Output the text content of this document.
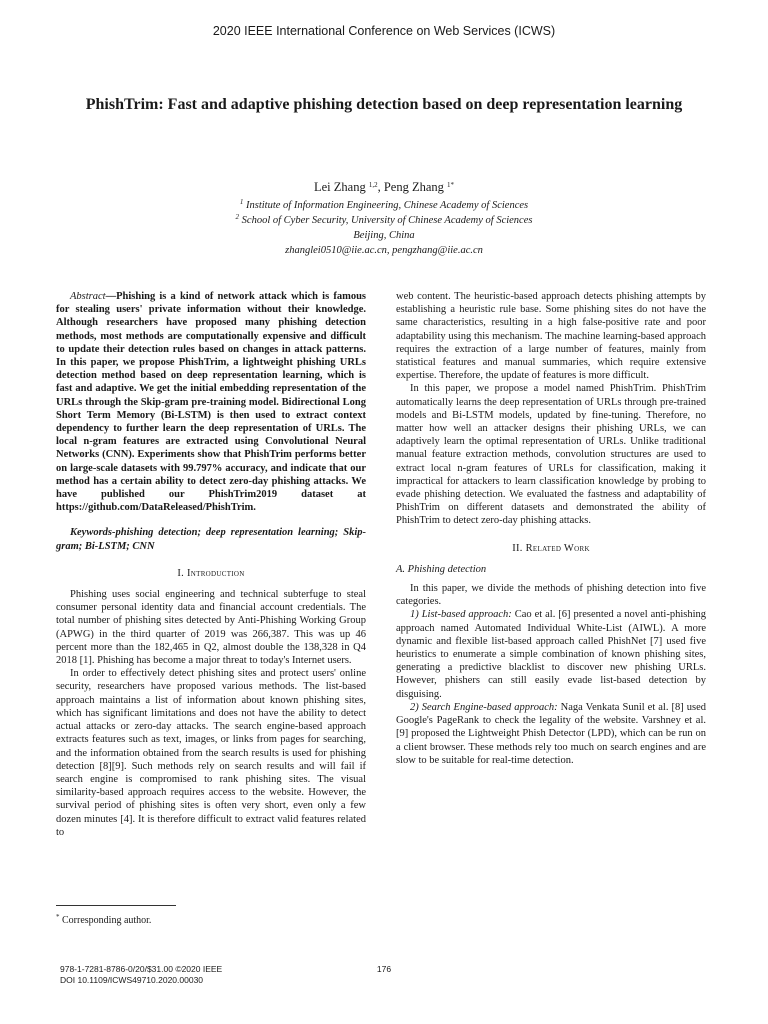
2020 IEEE International Conference on Web Services (ICWS)
PhishTrim: Fast and adaptive phishing detection based on deep representation learning
Lei Zhang $^{1,2}$, Peng Zhang $^{1*}$
$^1$ Institute of Information Engineering, Chinese Academy of Sciences
$^2$ School of Cyber Security, University of Chinese Academy of Sciences
Beijing, China
zhanglei0510@iie.ac.cn, pengzhang@iie.ac.cn

Abstract—Phishing is a kind of network attack which is famous for stealing users' private information without their knowledge. Although researchers have proposed many phishing detection methods, most methods are computationally expensive and difficult to update their detection rules based on changes in attack patterns. In this paper, we propose PhishTrim, a lightweight phishing URLs detection method based on deep representation learning, which is fast and adaptive. We get the initial embedding representation of the URLs through the Skip-gram pre-training model. Bidirectional Long Short Term Memory (Bi-LSTM) is then used to extract context dependency to further learn the deep representation of URLs. The local n-gram features are extracted using Convolutional Neural Networks (CNN). Experiments show that PhishTrim performs better on large-scale datasets with 99.797% accuracy, and indicate that our method has a certain ability to detect zero-day phishing attacks. We have published our PhishTrim2019 dataset at https://github.com/DataReleased/PhishTrim.

Keywords-phishing detection; deep representation learning; Skip-gram; Bi-LSTM; CNN

I. Introduction

Phishing uses social engineering and technical subterfuge to steal consumer personal identity data and financial account credentials. The total number of phishing sites detected by Anti-Phishing Working Group (APWG) in the third quarter of 2019 was 266,387. This was up 46 percent more than the 182,465 in Q2, almost double the 138,328 in Q4 2018 [1]. Phishing has become a major threat to today's Internet users.

In order to effectively detect phishing sites and protect users' online security, researchers have proposed various methods. The list-based approach maintains a list of information about known phishing sites, which has significant limitations and does not have the ability to detect actual attacks or zero-day attacks. The search engine-based approach extracts features such as text, images, or links from pages for searching, and the information obtained from the search results is used for phishing detection [8][9]. Such methods rely on search results and will fail if search engine is compromised to rank phishing sites. The visual similarity-based approach requires access to the website. However, the survival period of phishing sites is often very short, even only a few dozen minutes [4]. It is therefore difficult to extract valid features related to

web content. The heuristic-based approach detects phishing attempts by establishing a heuristic rule base. Some phishing sites do not have the same characteristics, resulting in a high false-positive rate and poor adaptability using this mechanism. The machine learning-based approach requires the extraction of a large number of features, mainly from statistical features and manual summaries, which require extensive expertise. Therefore, the update of features is more difficult.

In this paper, we propose a model named PhishTrim. PhishTrim automatically learns the deep representation of URLs through pre-trained models and Bi-LSTM models, updated by fine-tuning. Therefore, no matter how well an attacker designs their phishing URLs, we can adaptively learn the optimal representation of URLs. Unlike traditional manual feature extraction methods, convolution structures are used to extract local n-gram features of URLs for classification, making it impractical for attackers to learn classification knowledge by probing to evade phishing detection. We evaluated the fastness and adaptability of PhishTrim on different datasets and demonstrated the ability of PhishTrim to detect zero-day phishing attacks.

II. Related Work

A. Phishing detection

In this paper, we divide the methods of phishing detection into five categories.

1) List-based approach: Cao et al. [6] presented a novel anti-phishing approach named Automated Individual White-List (AIWL). A more dynamic and flexible list-based approach called PhishNet [7] used five heuristics to enumerate a simple combination of known phishing sites, generating a predictive blacklist to discover new phishing URLs. However, phishers can still easily evade list-based detection by disguising.

2) Search Engine-based approach: Naga Venkata Sunil et al. [8] used Google's PageRank to check the legality of the website. Varshney et al. [9] proposed the Lightweight Phish Detector (LPD), which can be run on a client browser. These methods rely too much on search engines and are slow to be suitable for real-time detection.

* Corresponding author.
978-1-7281-8786-0/20/$31.00 ©2020 IEEE
DOI 10.1109/ICWS49710.2020.00030
176
